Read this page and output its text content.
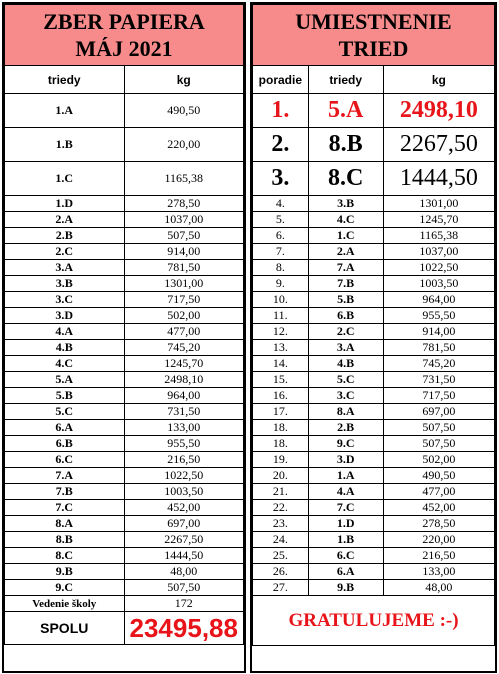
ZBER PAPIERA
MÁJ 2021	

triedy	kg
1.A	490,50
1.B	220,00
1.C	1165,38
1.D	278,50
2.A	1037,00
2.B	507,50
2.C	914,00
3.A	781,50
3.B	1301,00
3.C	717,50
3.D	502,00
4.A	477,00
4.B	745,20
4.C	1245,70
5.A	2498,10
5.B	964,00
5.C	731,50
6.A	133,00
6.B	955,50
6.C	216,50
7.A	1022,50
7.B	1003,50
7.C	452,00
8.A	697,00
8.B	2267,50
8.C	1444,50
9.B	48,00
9.C	507,50
Vedenie školy	172
SPOLU	23495,88
UMIESTNENIE
TRIED		

poradie	triedy	kg
1.	5.A	2498,10
2.	8.B	2267,50
3.	8.C	1444,50
4.	3.B	1301,00
5.	4.C	1245,70
6.	1.C	1165,38
7.	2.A	1037,00
8.	7.A	1022,50
9.	7.B	1003,50
10.	5.B	964,00
11.	6.B	955,50
12.	2.C	914,00
13.	3.A	781,50
14.	4.B	745,20
15.	5.C	731,50
16.	3.C	717,50
17.	8.A	697,00
18.	2.B	507,50
18.	9.C	507,50
19.	3.D	502,00
20.	1.A	490,50
21.	4.A	477,00
22.	7.C	452,00
23.	1.D	278,50
24.	1.B	220,00
25.	6.C	216,50
26.	6.A	133,00
27.	9.B	48,00
GRATULUJEME :-)		
